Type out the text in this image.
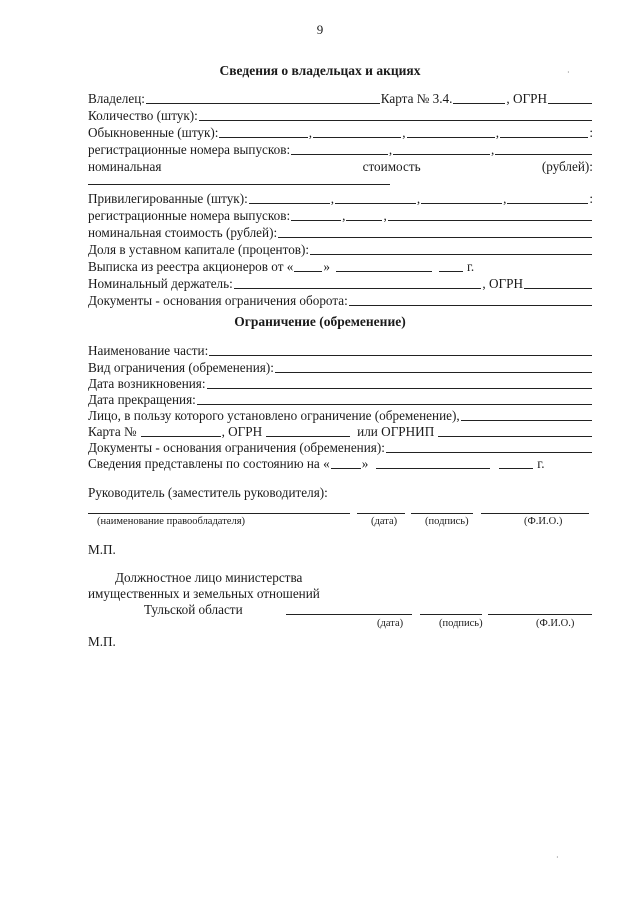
9
Сведения о владельцах и акциях
Владелец:	Карта № 3.4.	, ОГРН
Количество (штук):
Обыкновенные (штук):	,	,	,	:
регистрационные номера выпусков:	,	,
номинальная	стоимость	(рублей):
Привилегированные (штук):	,	,	,	:
регистрационные номера выпусков:	,	,
номинальная стоимость (рублей):
Доля в уставном капитале (процентов):
Выписка из реестра акционеров от « »	г.
Номинальный держатель:	, ОГРН
Документы - основания ограничения оборота:
Ограничение (обременение)
Наименование части:
Вид ограничения (обременения):
Дата возникновения:
Дата прекращения:
Лицо, в пользу которого установлено ограничение (обременение),
Карта №	, ОГРН	или ОГРНИП
Документы - основания ограничения (обременения):
Сведения представлены по состоянию на « »	г.
Руководитель (заместитель руководителя):
(наименование правообладателя)	(дата)	(подпись)	(Ф.И.О.)
М.П.
Должностное лицо министерства
имущественных и земельных отношений
Тульской области
(дата)	(подпись)	(Ф.И.О.)
М.П.
·
·
